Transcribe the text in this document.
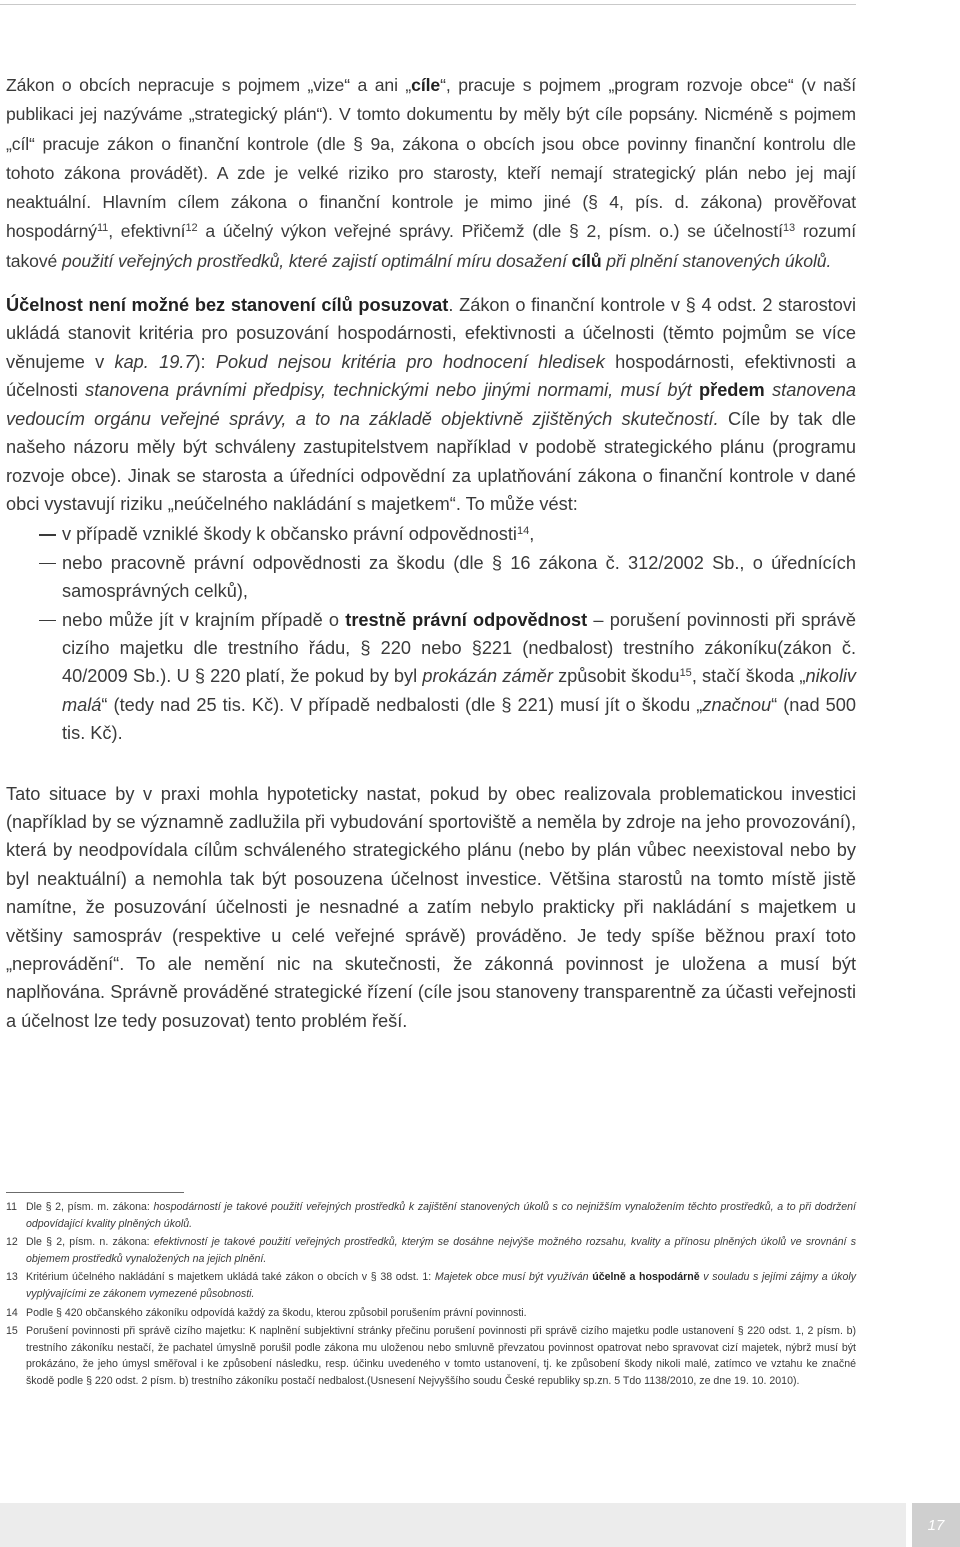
Zákon o obcích nepracuje s pojmem „vize“ a ani „cíle“, pracuje s pojmem „program rozvoje obce“ (v naší publikaci jej nazýváme „strategický plán“). V tomto dokumentu by měly být cíle popsány. Nicméně s pojmem „cíl“ pracuje zákon o finanční kontrole (dle § 9a, zákona o obcích jsou obce povinny finanční kontrolu dle tohoto zákona provádět). A zde je velké riziko pro starosty, kteří nemají strategický plán nebo jej mají neaktuální. Hlavním cílem zákona o finanční kontrole je mimo jiné (§ 4, pís. d. zákona) prověřovat hospodárný$^{11}$, efektivní$^{12}$ a účelný výkon veřejné správy. Přičemž (dle § 2, písm. o.) se účelností$^{13}$ rozumí takové použití veřejných prostředků, které zajistí optimální míru dosažení cílů při plnění stanovených úkolů.

Účelnost není možné bez stanovení cílů posuzovat. Zákon o finanční kontrole v § 4 odst. 2 starostovi ukládá stanovit kritéria pro posuzování hospodárnosti, efektivnosti a účelnosti (těmto pojmům se více věnujeme v kap. 19.7): Pokud nejsou kritéria pro hodnocení hledisek hospodárnosti, efektivnosti a účelnosti stanovena právními předpisy, technickými nebo jinými normami, musí být předem stanovena vedoucím orgánu veřejné správy, a to na základě objektivně zjištěných skutečností. Cíle by tak dle našeho názoru měly být schváleny zastupitelstvem například v podobě strategického plánu (programu rozvoje obce). Jinak se starosta a úředníci odpovědní za uplatňování zákona o finanční kontrole v dané obci vystavují riziku „neúčelného nakládání s majetkem“. To může vést:

v případě vzniklé škody k občansko právní odpovědnosti$^{14}$,
nebo pracovně právní odpovědnosti za škodu (dle § 16 zákona č. 312/2002 Sb., o úřednících samosprávných celků),
nebo může jít v krajním případě o trestně právní odpovědnost – porušení povinnosti při správě cizího majetku dle trestního řádu, § 220 nebo §221 (nedbalost) trestního zákoníku(zákon č. 40/2009 Sb.). U § 220 platí, že pokud by byl prokázán záměr způsobit škodu$^{15}$, stačí škoda „nikoliv malá“ (tedy nad 25 tis. Kč). V případě nedbalosti (dle § 221) musí jít o škodu „značnou“ (nad 500 tis. Kč).

Tato situace by v praxi mohla hypoteticky nastat, pokud by obec realizovala problematickou investici (například by se významně zadlužila při vybudování sportoviště a neměla by zdroje na jeho provozování), která by neodpovídala cílům schváleného strategického plánu (nebo by plán vůbec neexistoval nebo by byl neaktuální) a nemohla tak být posouzena účelnost investice. Většina starostů na tomto místě jistě namítne, že posuzování účelnosti je nesnadné a zatím nebylo prakticky při nakládání s majetkem u většiny samospráv (respektive u celé veřejné správě) prováděno. Je tedy spíše běžnou praxí toto „neprovádění“. To ale nemění nic na skutečnosti, že zákonná povinnost je uložena a musí být naplňována. Správně prováděné strategické řízení (cíle jsou stanoveny transparentně za účasti veřejnosti a účelnost lze tedy posuzovat) tento problém řeší.

11 Dle § 2, písm. m. zákona: hospodárností je takové použití veřejných prostředků k zajištění stanovených úkolů s co nejnižším vynaložením těchto prostředků, a to při dodržení odpovídající kvality plněných úkolů.
12 Dle § 2, písm. n. zákona: efektivností je takové použití veřejných prostředků, kterým se dosáhne nejvýše možného rozsahu, kvality a přínosu plněných úkolů ve srovnání s objemem prostředků vynaložených na jejich plnění.
13 Kritérium účelného nakládání s majetkem ukládá také zákon o obcích v § 38 odst. 1: Majetek obce musí být využíván účelně a hospodárně v souladu s jejími zájmy a úkoly vyplývajícími ze zákonem vymezené působnosti.
14 Podle § 420 občanského zákoníku odpovídá každý za škodu, kterou způsobil porušením právní povinnosti.
15 Porušení povinnosti při správě cizího majetku: K naplnění subjektivní stránky přečinu porušení povinnosti při správě cizího majetku podle ustanovení § 220 odst. 1, 2 písm. b) trestního zákoníku nestačí, že pachatel úmyslně porušil podle zákona mu uloženou nebo smluvně převzatou povinnost opatrovat nebo spravovat cizí majetek, nýbrž musí být prokázáno, že jeho úmysl směřoval i ke způsobení následku, resp. účinku uvedeného v tomto ustanovení, tj. ke způsobení škody nikoli malé, zatímco ve vztahu ke značné škodě podle § 220 odst. 2 písm. b) trestního zákoníku postačí nedbalost.(Usnesení Nejvyššího soudu České republiky sp.zn. 5 Tdo 1138/2010, ze dne 19. 10. 2010).
17
